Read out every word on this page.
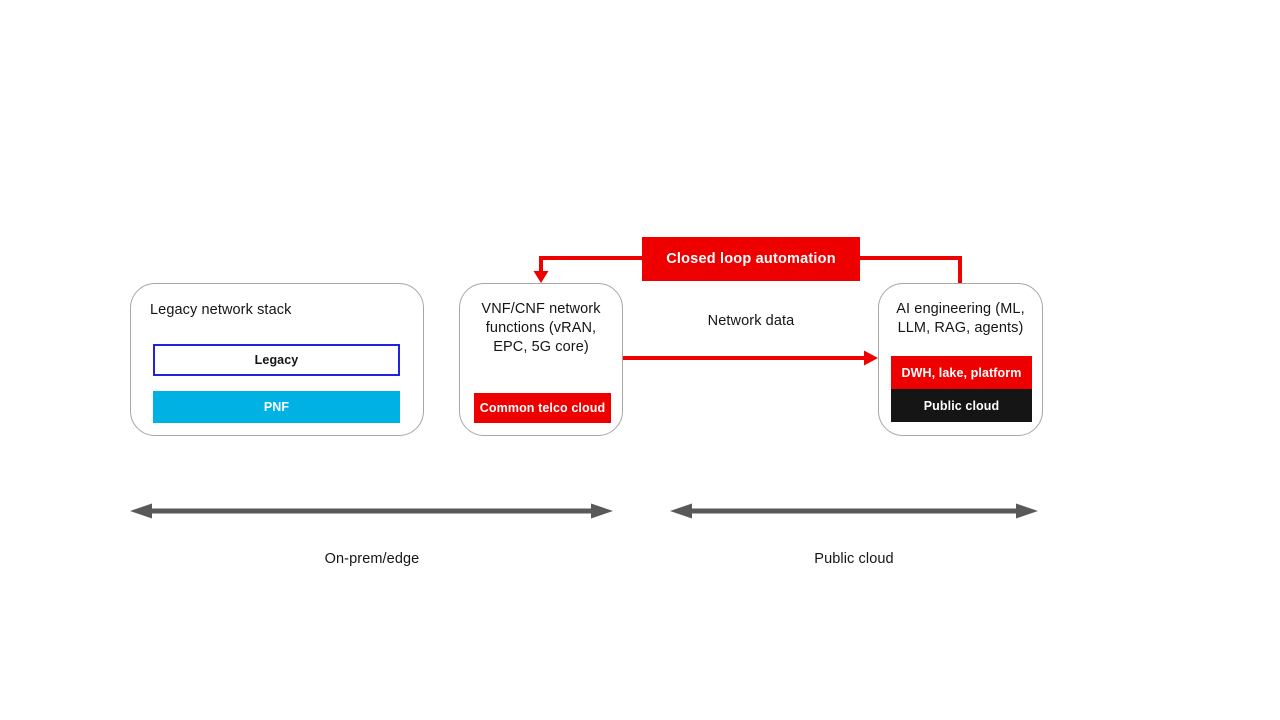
Closed loop automation
Legacy network stack
Legacy
PNF
VNF/CNF network functions (vRAN, EPC, 5G core)
Common telco cloud
Network data
AI engineering (ML, LLM, RAG, agents)
DWH, lake, platform
Public cloud
On-prem/edge	Public cloud
